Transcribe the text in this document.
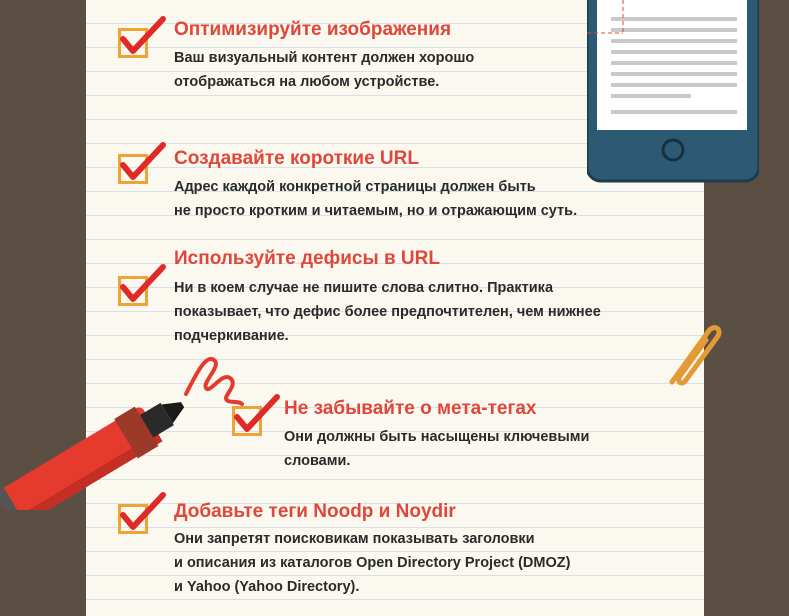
Оптимизируйте изображения
Ваш визуальный контент должен хорошо
отображаться на любом устройстве.
Создавайте короткие URL
Адрес каждой конкретной страницы должен быть
не просто кротким и читаемым, но и отражающим суть.
Используйте дефисы в URL
Ни в коем случае не пишите слова слитно. Практика
показывает, что дефис более предпочтителен, чем нижнее
подчеркивание.
Не забывайте о мета-тегах
Они должны быть насыщены ключевыми
словами.
Добавьте теги Noodp и Noydir
Они запретят поисковикам показывать заголовки
и описания из каталогов Open Directory Project (DMOZ)
и Yahoo (Yahoo Directory).
